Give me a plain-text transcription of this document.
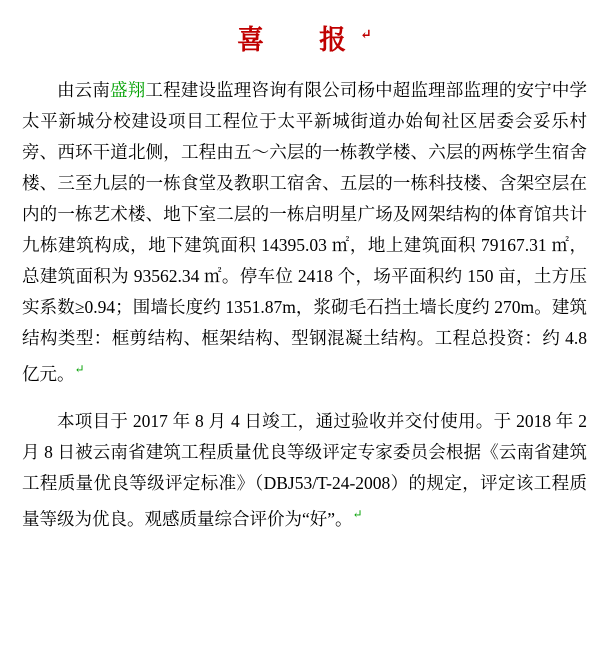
喜　报↵

由云南盛翔工程建设监理咨询有限公司杨中超监理部监理的安宁中学太平新城分校建设项目工程位于太平新城街道办始甸社区居委会妥乐村旁、西环干道北侧，工程由五～六层的一栋教学楼、六层的两栋学生宿舍楼、三至九层的一栋食堂及教职工宿舍、五层的一栋科技楼、含架空层在内的一栋艺术楼、地下室二层的一栋启明星广场及网架结构的体育馆共计九栋建筑构成，地下建筑面积 14395.03 ㎡，地上建筑面积 79167.31 ㎡，总建筑面积为 93562.34 ㎡。停车位 2418 个，场平面积约 150 亩，土方压实系数≥0.94；围墙长度约 1351.87m，浆砌毛石挡土墙长度约 270m。建筑结构类型：框剪结构、框架结构、型钢混凝土结构。工程总投资：约 4.8 亿元。↵

本项目于 2017 年 8 月 4 日竣工，通过验收并交付使用。于 2018 年 2 月 8 日被云南省建筑工程质量优良等级评定专家委员会根据《云南省建筑工程质量优良等级评定标准》（DBJ53/T-24-2008）的规定，评定该工程质量等级为优良。观感质量综合评价为“好”。↵
